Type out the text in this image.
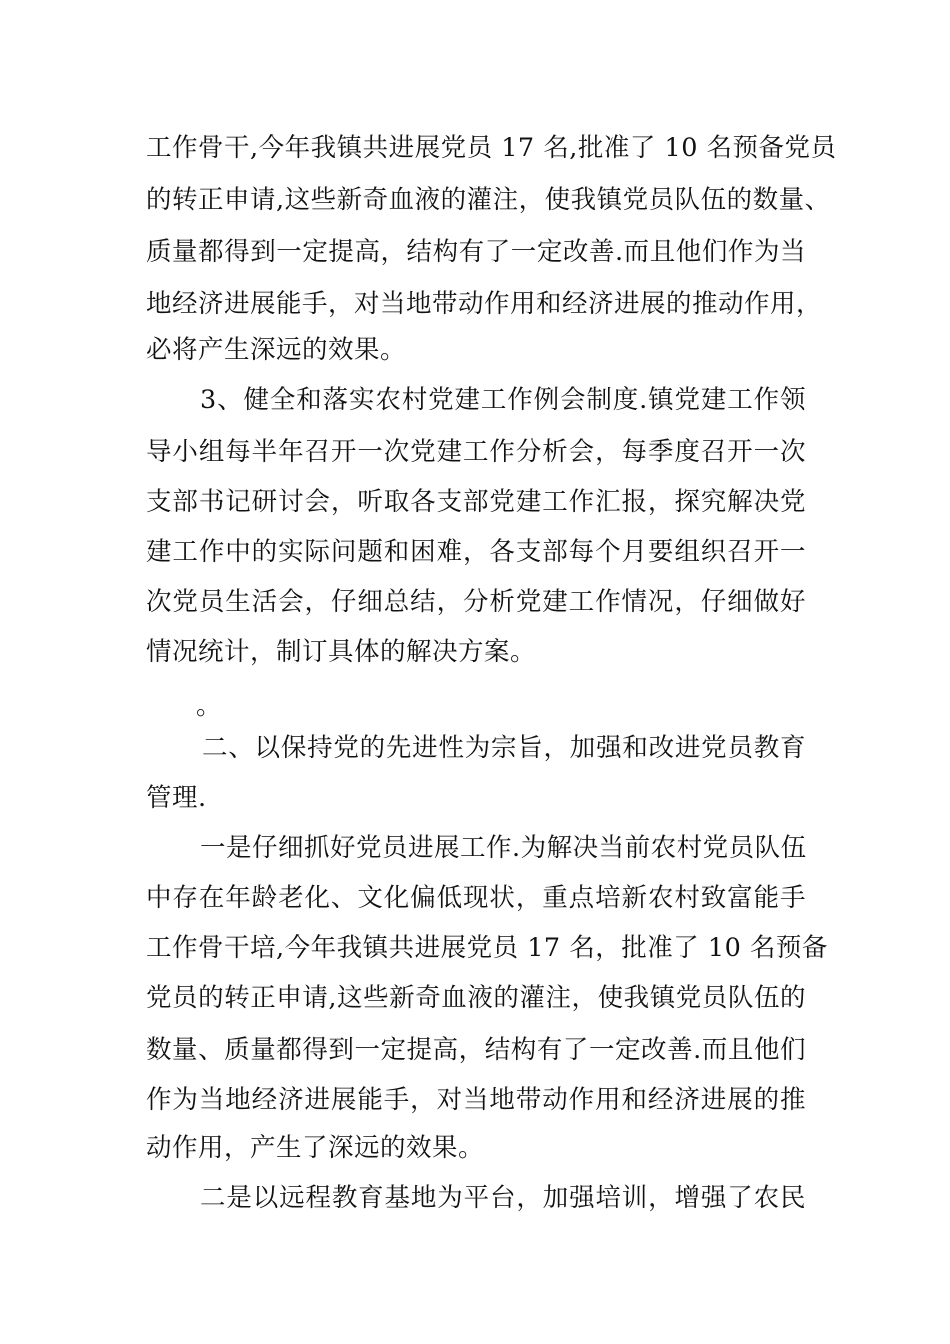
工作骨干,今年我镇共进展党员 17 名,批准了 10 名预备党员
的转正申请,这些新奇血液的灌注，使我镇党员队伍的数量、
质量都得到一定提高，结构有了一定改善.而且他们作为当
地经济进展能手，对当地带动作用和经济进展的推动作用，
必将产生深远的效果。
3、健全和落实农村党建工作例会制度.镇党建工作领
导小组每半年召开一次党建工作分析会，每季度召开一次
支部书记研讨会，听取各支部党建工作汇报，探究解决党
建工作中的实际问题和困难，各支部每个月要组织召开一
次党员生活会，仔细总结，分析党建工作情况，仔细做好
情况统计，制订具体的解决方案。
。
二、以保持党的先进性为宗旨，加强和改进党员教育
管理.
一是仔细抓好党员进展工作.为解决当前农村党员队伍
中存在年龄老化、文化偏低现状，重点培新农村致富能手
工作骨干培,今年我镇共进展党员 17 名，批准了 10 名预备
党员的转正申请,这些新奇血液的灌注，使我镇党员队伍的
数量、质量都得到一定提高，结构有了一定改善.而且他们
作为当地经济进展能手，对当地带动作用和经济进展的推
动作用，产生了深远的效果。
二是以远程教育基地为平台，加强培训，增强了农民
